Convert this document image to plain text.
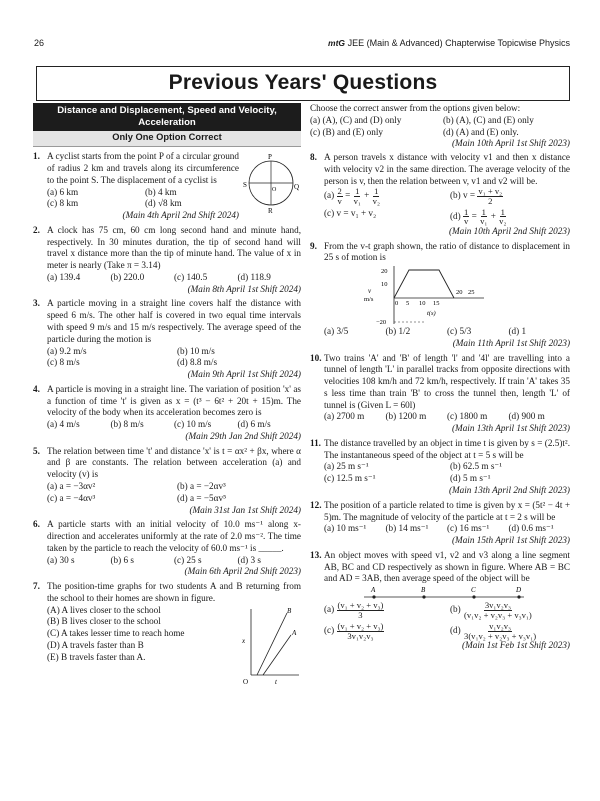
26	mtG JEE (Main & Advanced) Chapterwise Topicwise Physics
Previous Years' Questions
Distance and Displacement, Speed and Velocity, Acceleration
Only One Option Correct
1.	P
Q
R
S
O
A cyclist starts from the point P of a circular ground of radius 2 km and travels along its circumference to the point S. The displacement of a cyclist is
(a) 6 km	(b) 4 km
(c) 8 km	(d) √8 km
(Main 4th April 2nd Shift 2024)
2. A clock has 75 cm, 60 cm long second hand and minute hand, respectively. In 30 minutes duration, the tip of second hand will travel x distance more than the tip of minute hand. The value of x in meter is nearly (Take π = 3.14)
(a) 139.4	(b) 220.0	(c) 140.5	(d) 118.9
(Main 8th April 1st Shift 2024)
3. A particle moving in a straight line covers half the distance with speed 6 m/s. The other half is covered in two equal time intervals with speed 9 m/s and 15 m/s respectively. The average speed of the particle during the motion is
(a) 9.2 m/s	(b) 10 m/s
(c) 8 m/s	(d) 8.8 m/s
(Main 9th April 1st Shift 2024)
4. A particle is moving in a straight line. The variation of position 'x' as a function of time 't' is given as x = (t³ − 6t² + 20t + 15)m. The velocity of the body when its acceleration becomes zero is
(a) 4 m/s	(b) 8 m/s	(c) 10 m/s	(d) 6 m/s
(Main 29th Jan 2nd Shift 2024)
5. The relation between time 't' and distance 'x' is t = αx² + βx, where α and β are constants. The relation between acceleration (a) and velocity (v) is
(a) a = −3αv²	(b) a = −2αv³
(c) a = −4αv³	(d) a = −5αv⁵
(Main 31st Jan 1st Shift 2024)
6. A particle starts with an initial velocity of 10.0 ms⁻¹ along x-direction and accelerates uniformly at the rate of 2.0 ms⁻². The time taken by the particle to reach the velocity of 60.0 ms⁻¹ is _____.
(a) 30 s	(b) 6 s	(c) 25 s	(d) 3 s
(Main 6th April 2nd Shift 2023)
7. The position-time graphs for two students A and B returning from the school to their homes are shown in figure.
x
t
O
A
B
(A) A lives closer to the school
(B) B lives closer to the school
(C) A takes lesser time to reach home
(D) A travels faster than B
(E) B travels faster than A.
Choose the correct answer from the options given below:
(a) (A), (C) and (D) only	(b) (A), (C) and (E) only
(c) (B) and (E) only	(d) (A) and (E) only.
(Main 10th April 1st Shift 2023)
8. A person travels x distance with velocity v1 and then x distance with velocity v2 in the same direction. The average velocity of the person is v, then the relation between v, v1 and v2 will be.
$(a) \frac{2}{v} = \frac{1}{\text{v₁}} + \frac{1}{\text{v₂}}$	(b) $v = \frac{\text{v₁ + v₂}}{2}$
(c) v = v₁ + v₂	$(d) \frac{1}{v} = \frac{1}{\text{v₁}} + \frac{1}{\text{v₂}}$
(Main 10th April 2nd Shift 2023)
9. From the v-t graph shown, the ratio of distance to displacement in 25 s of motion is
20
10
0 5 10 15
20 25
−20
v
m/s
t(s)
(a) 3/5	(b) 1/2	(c) 5/3	(d) 1
(Main 11th April 1st Shift 2023)
10. Two trains 'A' and 'B' of length 'l' and '4l' are travelling into a tunnel of length 'L' in parallel tracks from opposite directions with velocities 108 km/h and 72 km/h, respectively. If train 'A' takes 35 s less time than train 'B' to cross the tunnel then, length 'L' of tunnel is (Given L = 60l)
(a) 2700 m	(b) 1200 m	(c) 1800 m	(d) 900 m
(Main 13th April 1st Shift 2023)
11. The distance travelled by an object in time t is given by s = (2.5)t². The instantaneous speed of the object at t = 5 s will be
(a) 25 m s⁻¹	(b) 62.5 m s⁻¹
(c) 12.5 m s⁻¹	(d) 5 m s⁻¹
(Main 13th April 2nd Shift 2023)
12. The position of a particle related to time is given by x = (5t² − 4t + 5)m. The magnitude of velocity of the particle at t = 2 s will be
(a) 10 ms⁻¹	(b) 14 ms⁻¹	(c) 16 ms⁻¹	(d) 0.6 ms⁻¹
(Main 15th April 1st Shift 2023)
13. An object moves with speed v1, v2 and v3 along a line segment AB, BC and CD respectively as shown in figure. Where AB = BC and AD = 3AB, then average speed of the object will be
A	B	C	D
$(a) \frac{\text{(v₁ + v₂ + v₃)}}{3}$	$(b) \frac{\text{3v₁v₂v₃}}{\text{(v₁v₂ + v₂v₃ + v₃v₁)}}$
$(c) \frac{\text{(v₁ + v₂ + v₃)}}{\text{3v₁v₂v₃}}$	$(d) \frac{\text{v₁v₂v₃}}{\text{3(v₁v₂ + v₂v₃ + v₃v₁)}}$
(Main 1st Feb 1st Shift 2023)
